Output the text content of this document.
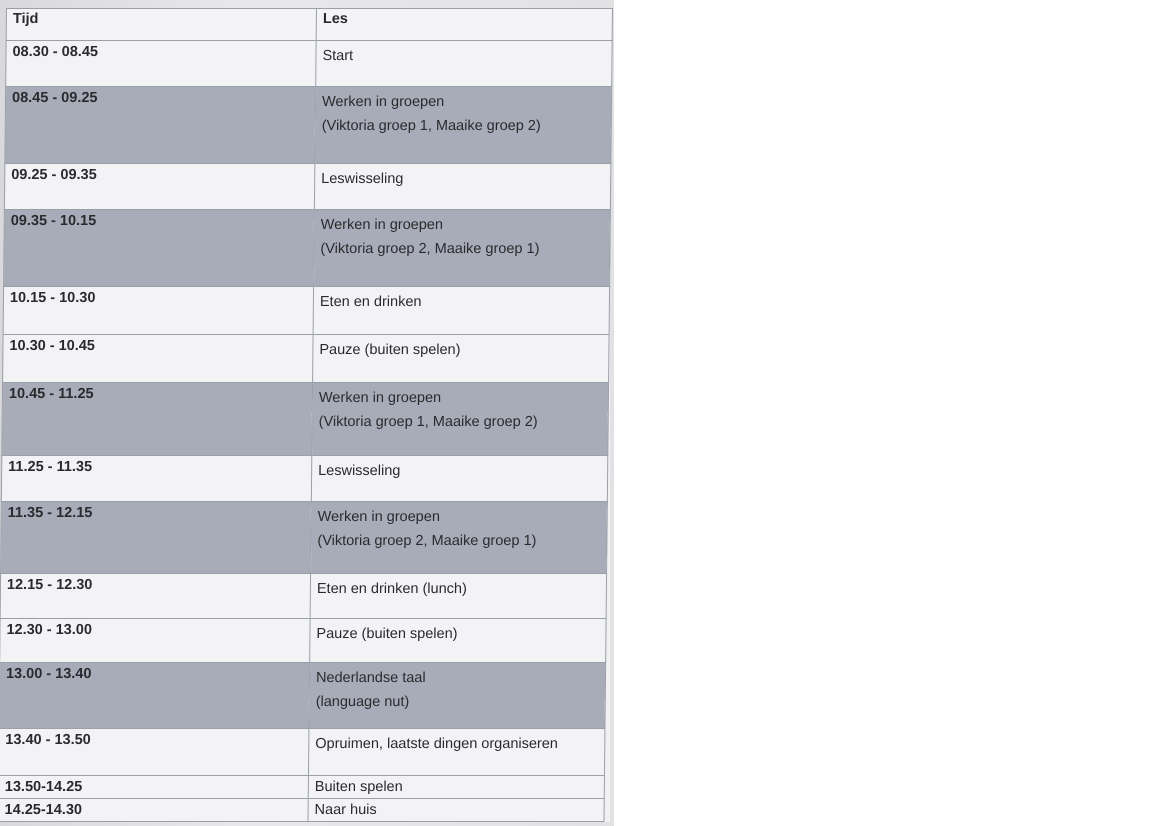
Tijd	Les
08.30 - 08.45	Start

08.45 - 09.25	Werken in groepen
(Viktoria groep 1, Maaike groep 2)

09.25 - 09.35	Leswisseling

09.35 - 10.15	Werken in groepen
(Viktoria groep 2, Maaike groep 1)

10.15 - 10.30	Eten en drinken

10.30 - 10.45	Pauze (buiten spelen)

10.45 - 11.25	Werken in groepen
(Viktoria groep 1, Maaike groep 2)

11.25 - 11.35	Leswisseling

11.35 - 12.15	Werken in groepen
(Viktoria groep 2, Maaike groep 1)

12.15 - 12.30	Eten en drinken (lunch)

12.30 - 13.00	Pauze (buiten spelen)

13.00 - 13.40	Nederlandse taal
(language nut)

13.40 - 13.50	Opruimen, laatste dingen organiseren

13.50-14.25	Buiten spelen

14.25-14.30	Naar huis
